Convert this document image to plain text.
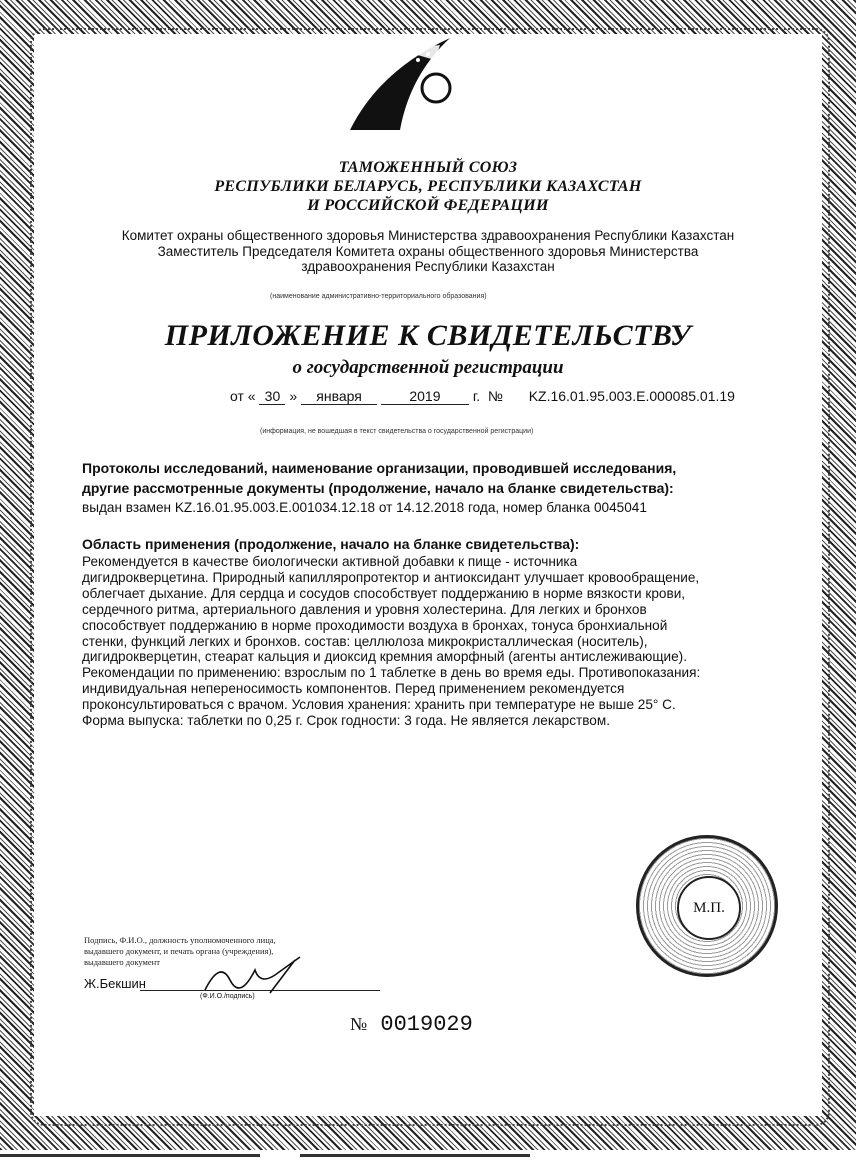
ТАМОЖЕННЫЙ СОЮЗ
РЕСПУБЛИКИ БЕЛАРУСЬ, РЕСПУБЛИКИ КАЗАХСТАН
И РОССИЙСКОЙ ФЕДЕРАЦИИ
Комитет охраны общественного здоровья Министерства здравоохранения Республики Казахстан
Заместитель Председателя Комитета охраны общественного здоровья Министерства
здравоохранения Республики Казахстан
(наименование административно-территориального образования)
ПРИЛОЖЕНИЕ К СВИДЕТЕЛЬСТВУ
о государственной регистрации
от « 30 » января	2019 г. № KZ.16.01.95.003.E.000085.01.19
(информация, не вошедшая в текст свидетельства о государственной регистрации)
Протоколы исследований, наименование организации, проводившей исследования,
другие рассмотренные документы (продолжение, начало на бланке свидетельства):
выдан взамен KZ.16.01.95.003.E.001034.12.18 от 14.12.2018 года, номер бланка 0045041
Область применения (продолжение, начало на бланке свидетельства):
Рекомендуется в качестве биологически активной добавки к пище - источника
дигидрокверцетина. Природный капилляропротектор и антиоксидант улучшает кровообращение,
облегчает дыхание. Для сердца и сосудов способствует поддержанию в норме вязкости крови,
сердечного ритма, артериального давления и уровня холестерина. Для легких и бронхов
способствует поддержанию в норме проходимости воздуха в бронхах, тонуса бронхиальной
стенки, функций легких и бронхов. состав: целлюлоза микрокристаллическая (носитель),
дигидрокверцетин, стеарат кальция и диоксид кремния аморфный (агенты антислеживающие).
Рекомендации по применению: взрослым по 1 таблетке в день во время еды. Противопоказания:
индивидуальная непереносимость компонентов. Перед применением рекомендуется
проконсультироваться с врачом. Условия хранения: хранить при температуре не выше 25° С.
Форма выпуска: таблетки по 0,25 г. Срок годности: 3 года. Не является лекарством.
Подпись, Ф.И.О., должность уполномоченного лица,
выдавшего документ, и печать органа (учреждения),
выдавшего документ
Ж.Бекшин
(Ф.И.О./подпись)
М.П.
№ 0019029
